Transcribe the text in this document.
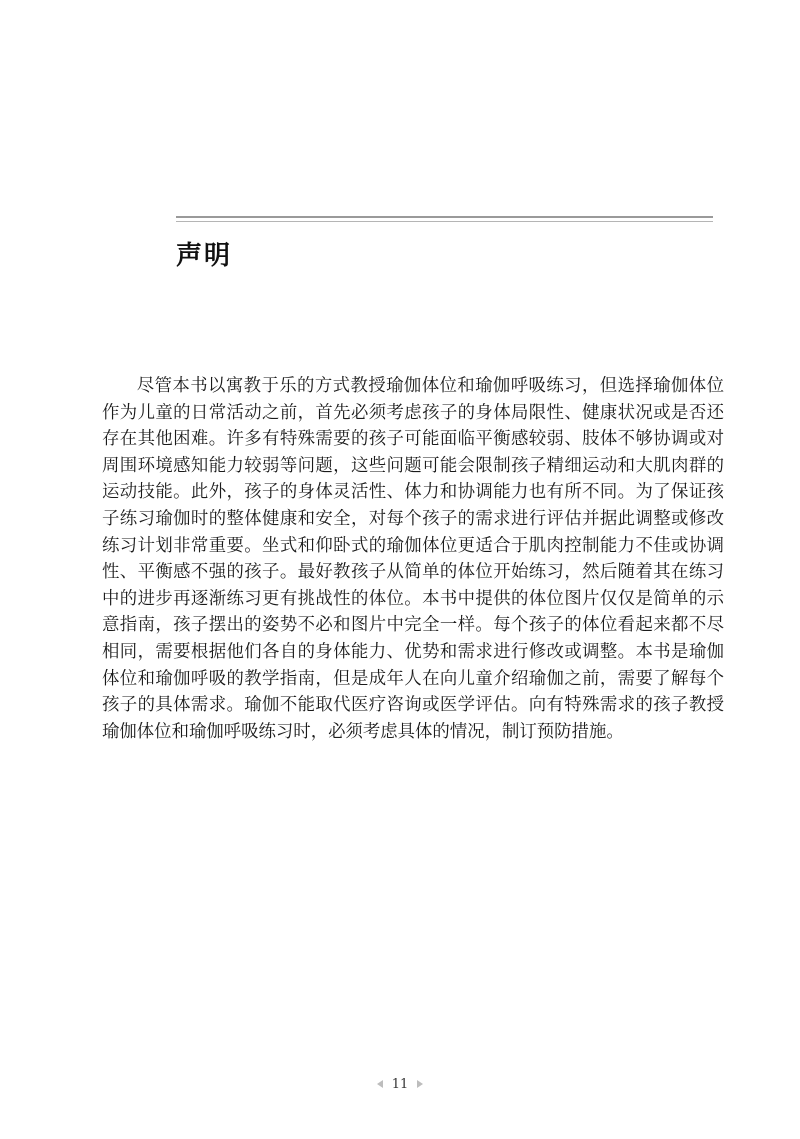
声明

尽管本书以寓教于乐的方式教授瑜伽体位和瑜伽呼吸练习，但选择瑜伽体位作为儿童的日常活动之前，首先必须考虑孩子的身体局限性、健康状况或是否还存在其他困难。许多有特殊需要的孩子可能面临平衡感较弱、肢体不够协调或对周围环境感知能力较弱等问题，这些问题可能会限制孩子精细运动和大肌肉群的运动技能。此外，孩子的身体灵活性、体力和协调能力也有所不同。为了保证孩子练习瑜伽时的整体健康和安全，对每个孩子的需求进行评估并据此调整或修改练习计划非常重要。坐式和仰卧式的瑜伽体位更适合于肌肉控制能力不佳或协调性、平衡感不强的孩子。最好教孩子从简单的体位开始练习，然后随着其在练习中的进步再逐渐练习更有挑战性的体位。本书中提供的体位图片仅仅是简单的示意指南，孩子摆出的姿势不必和图片中完全一样。每个孩子的体位看起来都不尽相同，需要根据他们各自的身体能力、优势和需求进行修改或调整。本书是瑜伽体位和瑜伽呼吸的教学指南，但是成年人在向儿童介绍瑜伽之前，需要了解每个孩子的具体需求。瑜伽不能取代医疗咨询或医学评估。向有特殊需求的孩子教授瑜伽体位和瑜伽呼吸练习时，必须考虑具体的情况，制订预防措施。

11
